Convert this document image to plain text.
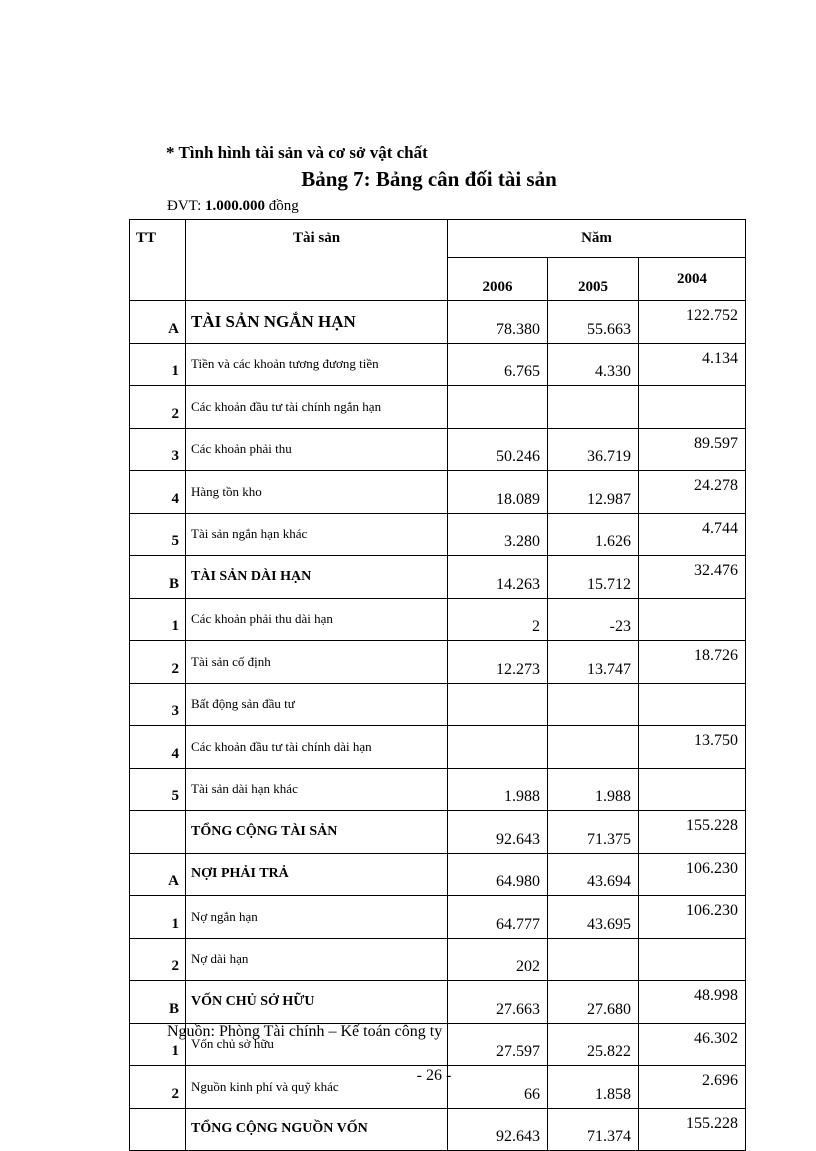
* Tình hình tài sản và cơ sở vật chất
Bảng 7: Bảng cân đối tài sản
ĐVT: 1.000.000 đồng
TT	Tài sản	Năm		
		2006	2005	2004
A	TÀI SẢN NGẮN HẠN	78.380	55.663	122.752
1	Tiền và các khoản tương đương tiền	6.765	4.330	4.134
2	Các khoản đầu tư tài chính ngắn hạn			
3	Các khoản phải thu	50.246	36.719	89.597
4	Hàng tồn kho	18.089	12.987	24.278
5	Tài sản ngắn hạn khác	3.280	1.626	4.744
B	TÀI SẢN DÀI HẠN	14.263	15.712	32.476
1	Các khoản phải thu dài hạn	2	-23	
2	Tài sản cố định	12.273	13.747	18.726
3	Bất động sản đầu tư			
4	Các khoản đầu tư tài chính dài hạn			13.750
5	Tài sản dài hạn khác	1.988	1.988	
	TỔNG CỘNG TÀI SẢN	92.643	71.375	155.228
A	NỢI PHẢI TRẢ	64.980	43.694	106.230
1	Nợ ngắn hạn	64.777	43.695	106.230
2	Nợ dài hạn	202		
B	VỐN CHỦ SỞ HỮU	27.663	27.680	48.998
1	Vốn chủ sở hữu	27.597	25.822	46.302
2	Nguồn kinh phí và quỹ khác	66	1.858	2.696
	TỔNG CỘNG NGUỒN VỐN	92.643	71.374	155.228
Nguồn: Phòng Tài chính – Kế toán công ty
- 26 -
